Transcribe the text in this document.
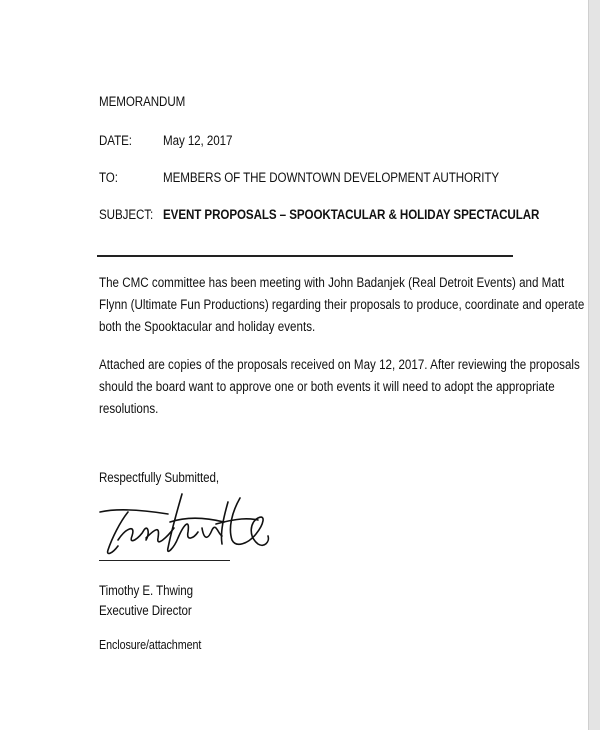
MEMORANDUM
DATE: May 12, 2017
TO:	MEMBERS OF THE DOWNTOWN DEVELOPMENT AUTHORITY
SUBJECT: EVENT PROPOSALS – SPOOKTACULAR & HOLIDAY SPECTACULAR
The CMC committee has been meeting with John Badanjek (Real Detroit Events) and Matt
Flynn (Ultimate Fun Productions) regarding their proposals to produce, coordinate and operate
both the Spooktacular and holiday events.
Attached are copies of the proposals received on May 12, 2017. After reviewing the proposals
should the board want to approve one or both events it will need to adopt the appropriate
resolutions.
Respectfully Submitted,
Timothy E. Thwing
Executive Director
Enclosure/attachment
